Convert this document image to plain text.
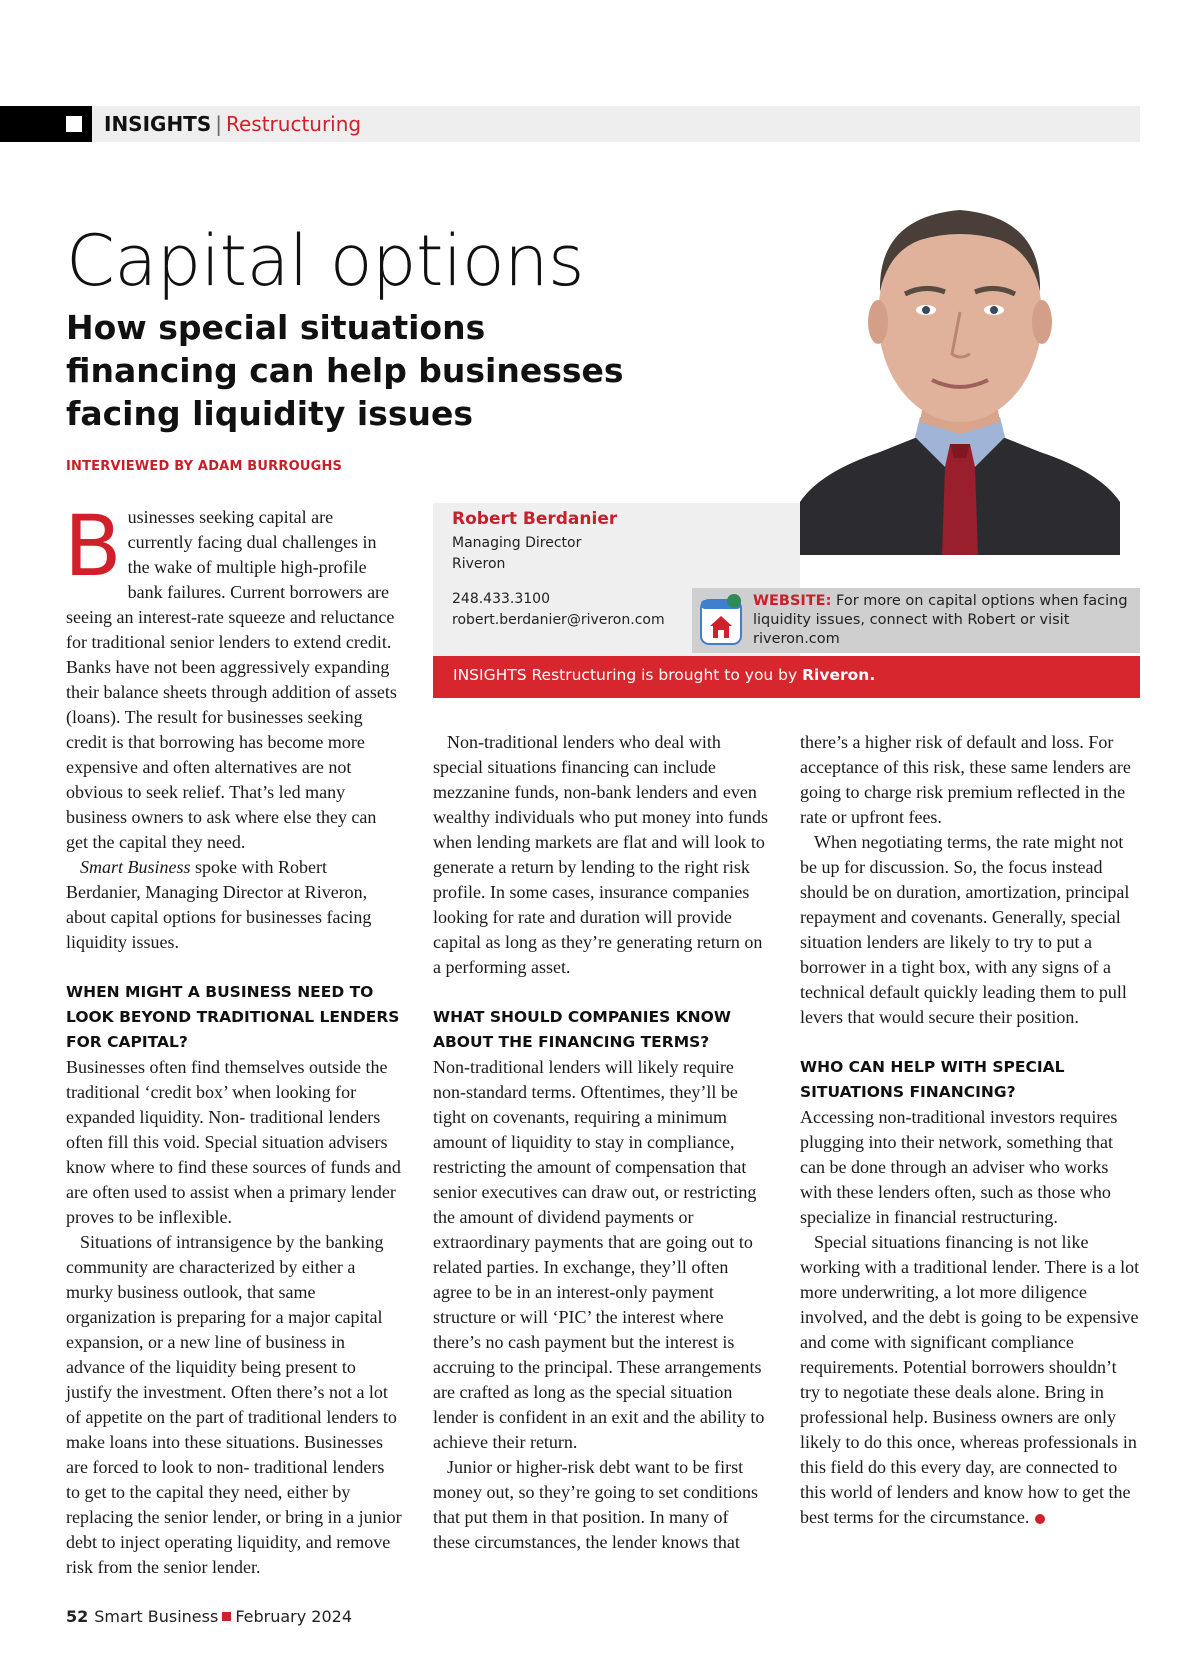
INSIGHTS | Restructuring
Capital options
How special situations financing can help businesses facing liquidity issues
INTERVIEWED BY ADAM BURROUGHS
Robert Berdanier
Managing Director
Riveron
248.433.3100
robert.berdanier@riveron.com
WEBSITE: For more on capital options when facing liquidity issues, connect with Robert or visit riveron.com
INSIGHTS Restructuring is brought to you by Riveron.

Businesses seeking capital are currently facing dual challenges in the wake of multiple high-profile bank failures. Current borrowers are seeing an interest-rate squeeze and reluctance for traditional senior lenders to extend credit. Banks have not been aggressively expanding their balance sheets through addition of assets (loans). The result for businesses seeking credit is that borrowing has become more expensive and often alternatives are not obvious to seek relief. That’s led many business owners to ask where else they can get the capital they need.

Smart Business spoke with Robert Berdanier, Managing Director at Riveron, about capital options for businesses facing liquidity issues.

WHEN MIGHT A BUSINESS NEED TO LOOK BEYOND TRADITIONAL LENDERS FOR CAPITAL?

Businesses often find themselves outside the traditional ‘credit box’ when looking for expanded liquidity. Non- traditional lenders often fill this void. Special situation advisers know where to find these sources of funds and are often used to assist when a primary lender proves to be inflexible.

Situations of intransigence by the banking community are characterized by either a murky business outlook, that same organization is preparing for a major capital expansion, or a new line of business in advance of the liquidity being present to justify the investment. Often there’s not a lot of appetite on the part of traditional lenders to make loans into these situations. Businesses are forced to look to non- traditional lenders to get to the capital they need, either by replacing the senior lender, or bring in a junior debt to inject operating liquidity, and remove risk from the senior lender.

Non-traditional lenders who deal with special situations financing can include mezzanine funds, non-bank lenders and even wealthy individuals who put money into funds when lending markets are flat and will look to generate a return by lending to the right risk profile. In some cases, insurance companies looking for rate and duration will provide capital as long as they’re generating return on a performing asset.

WHAT SHOULD COMPANIES KNOW ABOUT THE FINANCING TERMS?

Non-traditional lenders will likely require non-standard terms. Oftentimes, they’ll be tight on covenants, requiring a minimum amount of liquidity to stay in compliance, restricting the amount of compensation that senior executives can draw out, or restricting the amount of dividend payments or extraordinary payments that are going out to related parties. In exchange, they’ll often agree to be in an interest-only payment structure or will ‘PIC’ the interest where there’s no cash payment but the interest is accruing to the principal. These arrangements are crafted as long as the special situation lender is confident in an exit and the ability to achieve their return.

Junior or higher-risk debt want to be first money out, so they’re going to set conditions that put them in that position. In many of these circumstances, the lender knows that

there’s a higher risk of default and loss. For acceptance of this risk, these same lenders are going to charge risk premium reflected in the rate or upfront fees.

When negotiating terms, the rate might not be up for discussion. So, the focus instead should be on duration, amortization, principal repayment and covenants. Generally, special situation lenders are likely to try to put a borrower in a tight box, with any signs of a technical default quickly leading them to pull levers that would secure their position.

WHO CAN HELP WITH SPECIAL SITUATIONS FINANCING?

Accessing non-traditional investors requires plugging into their network, something that can be done through an adviser who works with these lenders often, such as those who specialize in financial restructuring.

Special situations financing is not like working with a traditional lender. There is a lot more underwriting, a lot more diligence involved, and the debt is going to be expensive and come with significant compliance requirements. Potential borrowers shouldn’t try to negotiate these deals alone. Bring in professional help. Business owners are only likely to do this once, whereas professionals in this field do this every day, are connected to this world of lenders and know how to get the best terms for the circumstance.

52 Smart Business February 2024
